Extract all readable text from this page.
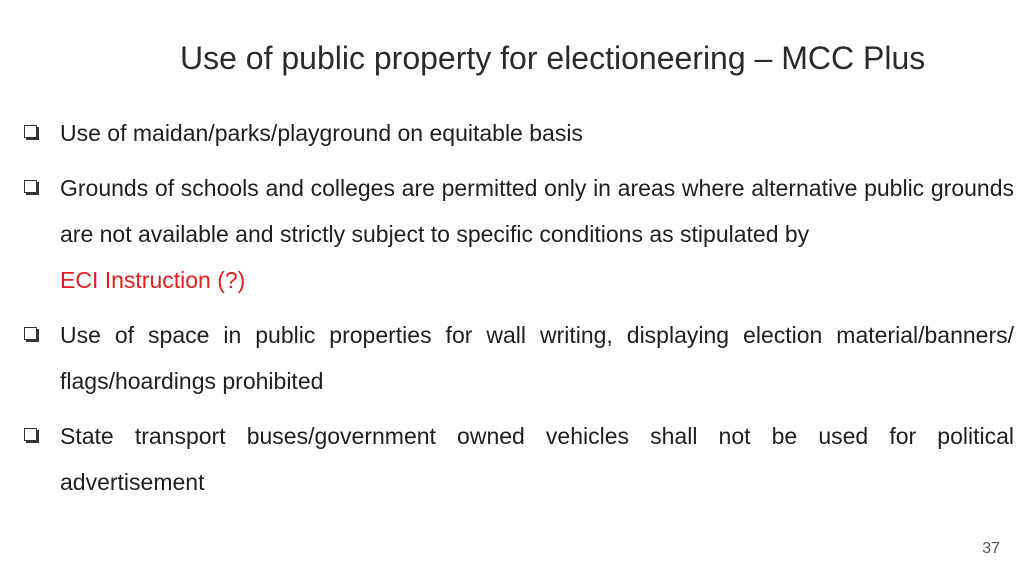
Use of public property for electioneering – MCC Plus
Use of maidan/parks/playground on equitable basis
Grounds of schools and colleges are permitted only in areas where alternative public grounds are not available and strictly subject to specific conditions as stipulated by
ECI Instruction (?)
Use of space in public properties for wall writing, displaying election material/banners/ flags/hoardings prohibited
State transport buses/government owned vehicles shall not be used for political advertisement
37
